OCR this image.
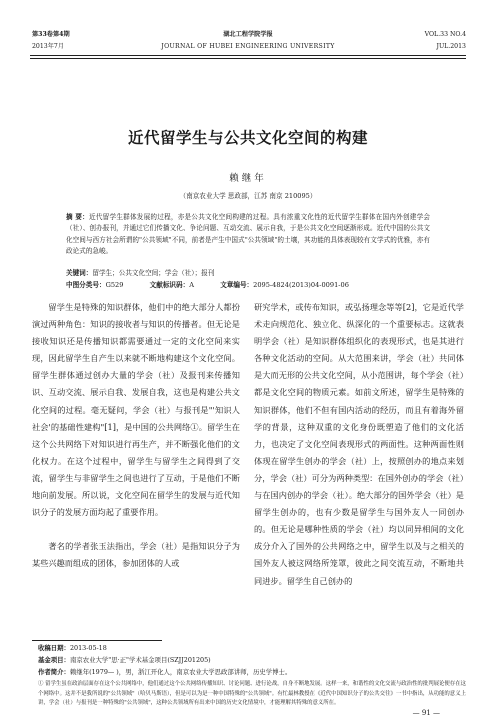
第33卷第4期
2013年7月
湖北工程学院学报
JOURNAL OF HUBEI ENGINEERING UNIVERSITY
VOL.33 NO.4
JUL.2013
近代留学生与公共文化空间的构建
赖继年
（南京农业大学 思政部，江苏 南京 210095）
摘 要：近代留学生群体发展的过程，亦是公共文化空间构建的过程。具有浓重文化性的近代留学生群体在国内外创建学会（社）、创办报刊，并通过它们传播文化、争论问题、互动交流、展示自我，于是公共文化空间逐渐形成。近代中国的公共文化空间与西方社会所谓的"公共领域"不同，前者是产生中国式"公共领域"的土壤，其功能的具体表现较有文学式的优雅，亦有政论式的急峻。
关键词：留学生；公共文化空间；学会（社）；报刊
中图分类号：G529	文献标识码：A	文章编号：2095-4824(2013)04-0091-06

留学生是特殊的知识群体，他们中的绝大部分人都扮演过两种角色：知识的接收者与知识的传播者。但无论是接收知识还是传播知识都需要通过一定的文化空间来实现，因此留学生自产生以来就不断地构建这个文化空间。留学生群体通过创办大量的学会（社）及报刊来传播知识、互动交流、展示自我、发展自我，这也是构建公共文化空间的过程。毫无疑问，学会（社）与报刊是"'知识人社会'的基础性建构"[1]，是中国的公共网络①。留学生在这个公共网络下对知识进行再生产，并不断强化他们的文化权力。在这个过程中，留学生与留学生之间得到了交流，留学生与非留学生之间也进行了互动，于是他们不断地向前发展。所以说，文化空间在留学生的发展与近代知识分子的发展方面均起了重要作用。

著名的学者张玉法指出，学会（社）是指知识分子为某些兴趣而组成的团体，参加团体的人或

研究学术，或传布知识，或弘扬理念等等[2]，它是近代学术走向规范化、独立化、纵深化的一个重要标志。这就表明学会（社）是知识群体组织化的表现形式，也是其进行各种文化活动的空间。从大范围来讲，学会（社）共同体是大而无形的公共文化空间，从小范围讲，每个学会（社）都是文化空间的物质元素。如前文所述，留学生是特殊的知识群体，他们不但有国内活动的经历，而且有着海外留学的背景，这种双重的文化身份既塑造了他们的文化活力，也决定了文化空间表现形式的两面性。这种两面性则体现在留学生创办的学会（社）上，按照创办的地点来划分，学会（社）可分为两种类型：在国外创办的学会（社）与在国内创办的学会（社）。绝大部分的国外学会（社）是留学生创办的，也有少数是留学生与国外友人一同创办的。但无论是哪种性质的学会（社）均以同异相间的文化成分介入了国外的公共网络之中，留学生以及与之相关的国外友人被这网络所笼罩，彼此之间交流互动，不断地共同进步。留学生自己创办的

收稿日期：2013-05-18
基金项目：南京农业大学"思·正"学术基金项目(SZJJ201205)
作者简介：赖继年(1979— )，男，浙江开化人，南京农业大学思政部讲师，历史学博士。
① 留学生虽在政治层面存在这个公共网络中，他们通过这个公共网络传播知识、讨论问题、进行论战，自身不断地发展。这样一来，和谐性的文化交流与政治性的批判展论便存在这个网络中。这并不是我所说的"公共领域"（哈贝马斯语），但是可以为是一种中国特殊的"公共领域"。有忙最林教授在《近代中国知识分子的公共交往》一书中指出，从功能的意义上讲，学会（社）与报刊是一种特殊的"公共领域"，这种公共领域所有出来中国的历史文化情境中，才能理解其特殊的意义所在。
— 91 —
